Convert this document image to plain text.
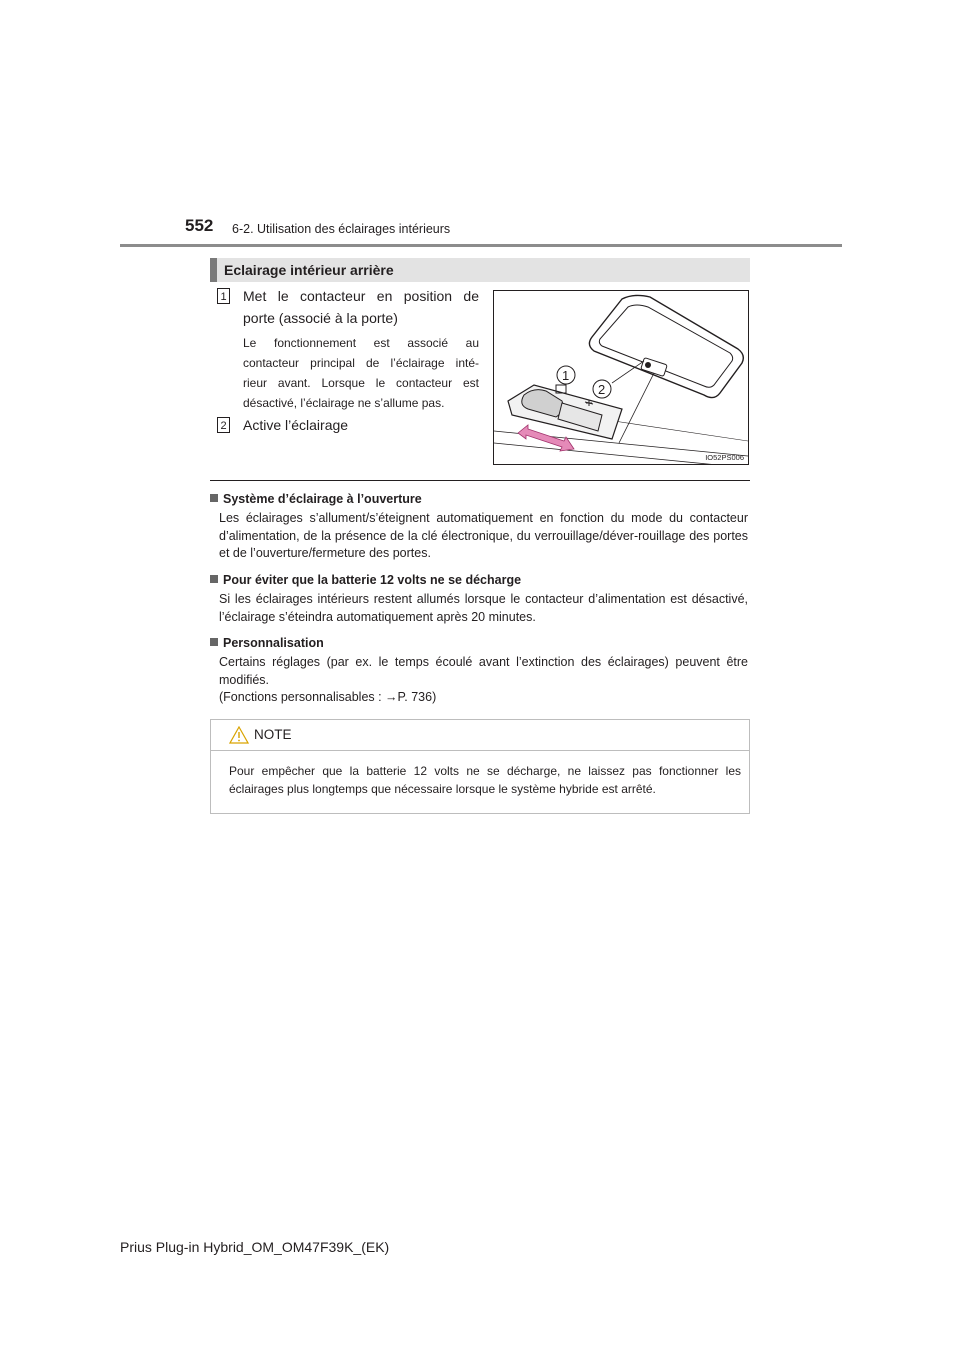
552 6-2. Utilisation des éclairages intérieurs
Eclairage intérieur arrière
1 Met le contacteur en position de
porte (associé à la porte)
Le fonctionnement est associé au
contacteur principal de l’éclairage inté-
rieur avant. Lorsque le contacteur est
désactivé, l’éclairage ne s’allume pas.
2 Active l’éclairage
1
2
IO52PS006
Système d’éclairage à l’ouverture
Les éclairages s’allument/s’éteignent automatiquement en fonction du mode du contacteur d’alimentation, de la présence de la clé électronique, du verrouillage/déver-rouillage des portes et de l’ouverture/fermeture des portes.
Pour éviter que la batterie 12 volts ne se décharge
Si les éclairages intérieurs restent allumés lorsque le contacteur d’alimentation est désactivé, l’éclairage s’éteindra automatiquement après 20 minutes.
Personnalisation
Certains réglages (par ex. le temps écoulé avant l’extinction des éclairages) peuvent être modifiés.
(Fonctions personnalisables : →P. 736)
NOTE
Pour empêcher que la batterie 12 volts ne se décharge, ne laissez pas fonctionner les éclairages plus longtemps que nécessaire lorsque le système hybride est arrêté.
Prius Plug-in Hybrid_OM_OM47F39K_(EK)
